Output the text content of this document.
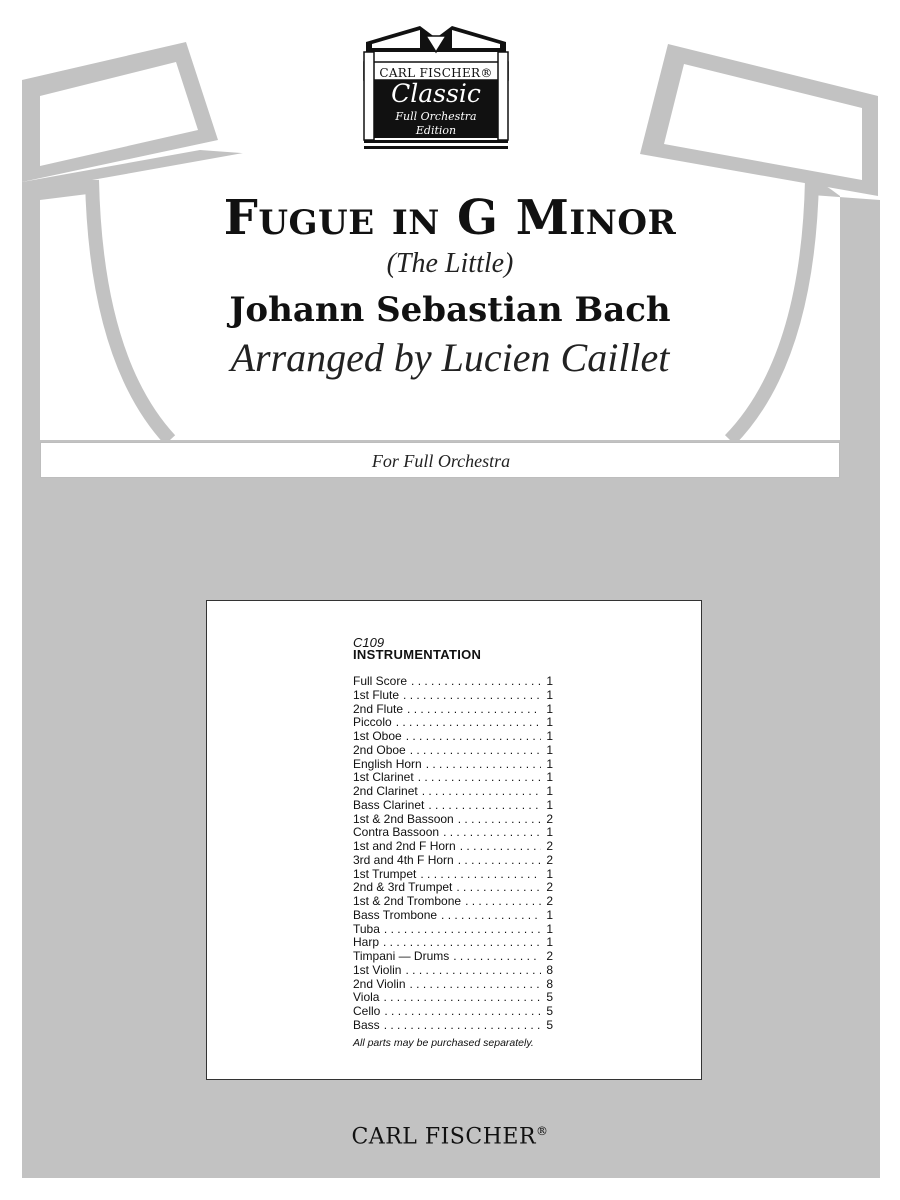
CARL FISCHER®
Classic
Full Orchestra
Edition
Fugue in G Minor
(The Little)
Johann Sebastian Bach
Arranged by Lucien Caillet
For Full Orchestra
C109
INSTRUMENTATION
Full Score . . .	1
1st Flute . . .	1
2nd Flute . . .	1
Piccolo . . .	1
1st Oboe . . .	1
2nd Oboe . . .	1
English Horn . . .	1
1st Clarinet . . .	1
2nd Clarinet . . .	1
Bass Clarinet . . .	1
1st & 2nd Bassoon . . .	2
Contra Bassoon . . .	1
1st and 2nd F Horn . . .	2
3rd and 4th F Horn . . .	2
1st Trumpet . . .	1
2nd & 3rd Trumpet . . .	2
1st & 2nd Trombone . . .	2
Bass Trombone . . .	1
Tuba . . .	1
Harp . . .	1
Timpani — Drums . . .	2
1st Violin . . .	8
2nd Violin . . .	8
Viola . . .	5
Cello . . .	5
Bass . . .	5
All parts may be purchased separately.
CARL FISCHER®
